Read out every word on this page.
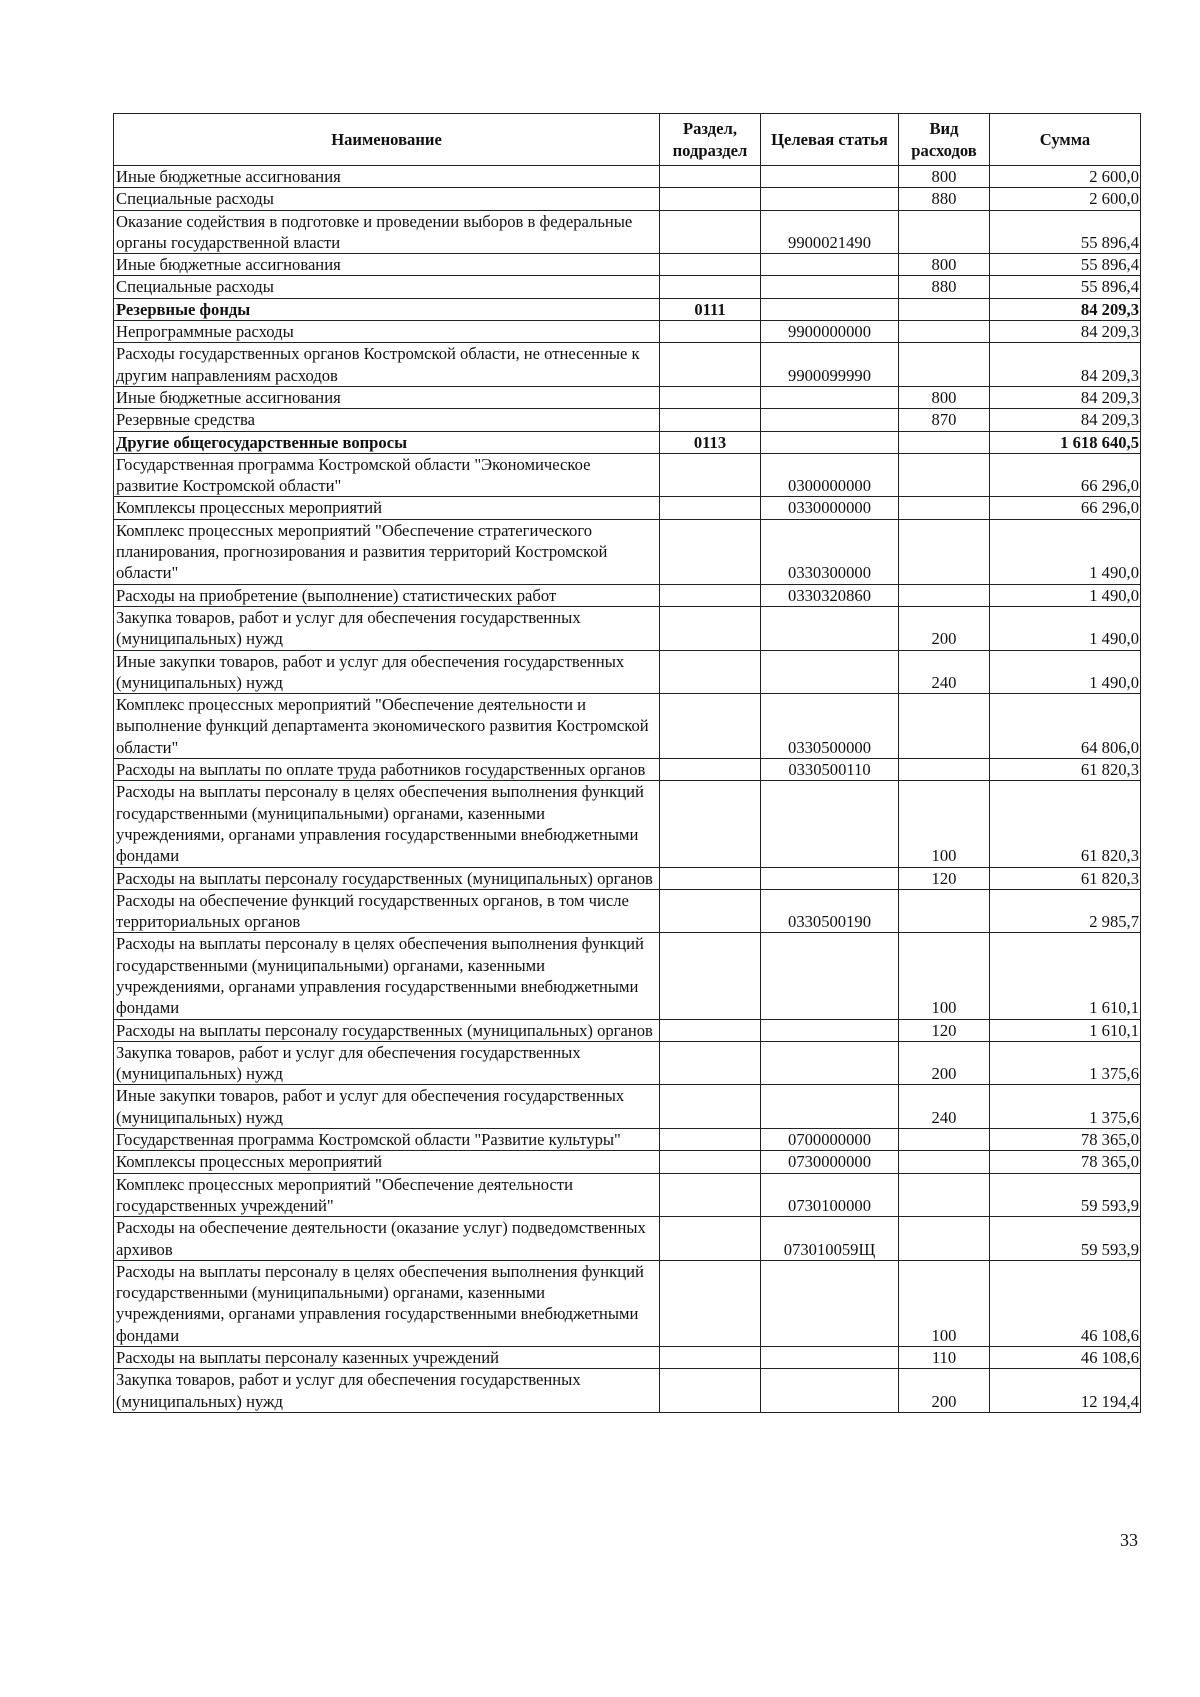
Наименование	Раздел, подраздел	Целевая статья	Вид расходов	Сумма
Иные бюджетные ассигнования			800	2 600,0
Специальные расходы			880	2 600,0
Оказание содействия в подготовке и проведении выборов в федеральные органы государственной власти		9900021490		55 896,4
Иные бюджетные ассигнования			800	55 896,4
Специальные расходы			880	55 896,4
Резервные фонды	0111			84 209,3
Непрограммные расходы		9900000000		84 209,3
Расходы государственных органов Костромской области, не отнесенные к другим направлениям расходов		9900099990		84 209,3
Иные бюджетные ассигнования			800	84 209,3
Резервные средства			870	84 209,3
Другие общегосударственные вопросы	0113			1 618 640,5
Государственная программа Костромской области "Экономическое развитие Костромской области"		0300000000		66 296,0
Комплексы процессных мероприятий		0330000000		66 296,0
Комплекс процессных мероприятий "Обеспечение стратегического планирования, прогнозирования и развития территорий Костромской области"		0330300000		1 490,0
Расходы на приобретение (выполнение) статистических работ		0330320860		1 490,0
Закупка товаров, работ и услуг для обеспечения государственных (муниципальных) нужд			200	1 490,0
Иные закупки товаров, работ и услуг для обеспечения государственных (муниципальных) нужд			240	1 490,0
Комплекс процессных мероприятий "Обеспечение деятельности и выполнение функций департамента экономического развития Костромской области"		0330500000		64 806,0
Расходы на выплаты по оплате труда работников государственных органов		0330500110		61 820,3
Расходы на выплаты персоналу в целях обеспечения выполнения функций государственными (муниципальными) органами, казенными учреждениями, органами управления государственными внебюджетными фондами			100	61 820,3
Расходы на выплаты персоналу государственных (муниципальных) органов			120	61 820,3
Расходы на обеспечение функций государственных органов, в том числе территориальных органов		0330500190		2 985,7
Расходы на выплаты персоналу в целях обеспечения выполнения функций государственными (муниципальными) органами, казенными учреждениями, органами управления государственными внебюджетными фондами			100	1 610,1
Расходы на выплаты персоналу государственных (муниципальных) органов			120	1 610,1
Закупка товаров, работ и услуг для обеспечения государственных (муниципальных) нужд			200	1 375,6
Иные закупки товаров, работ и услуг для обеспечения государственных (муниципальных) нужд			240	1 375,6
Государственная программа Костромской области "Развитие культуры"		0700000000		78 365,0
Комплексы процессных мероприятий		0730000000		78 365,0
Комплекс процессных мероприятий "Обеспечение деятельности государственных учреждений"		0730100000		59 593,9
Расходы на обеспечение деятельности (оказание услуг) подведомственных архивов		073010059Щ		59 593,9
Расходы на выплаты персоналу в целях обеспечения выполнения функций государственными (муниципальными) органами, казенными учреждениями, органами управления государственными внебюджетными фондами			100	46 108,6
Расходы на выплаты персоналу казенных учреждений			110	46 108,6
Закупка товаров, работ и услуг для обеспечения государственных (муниципальных) нужд			200	12 194,4
33
